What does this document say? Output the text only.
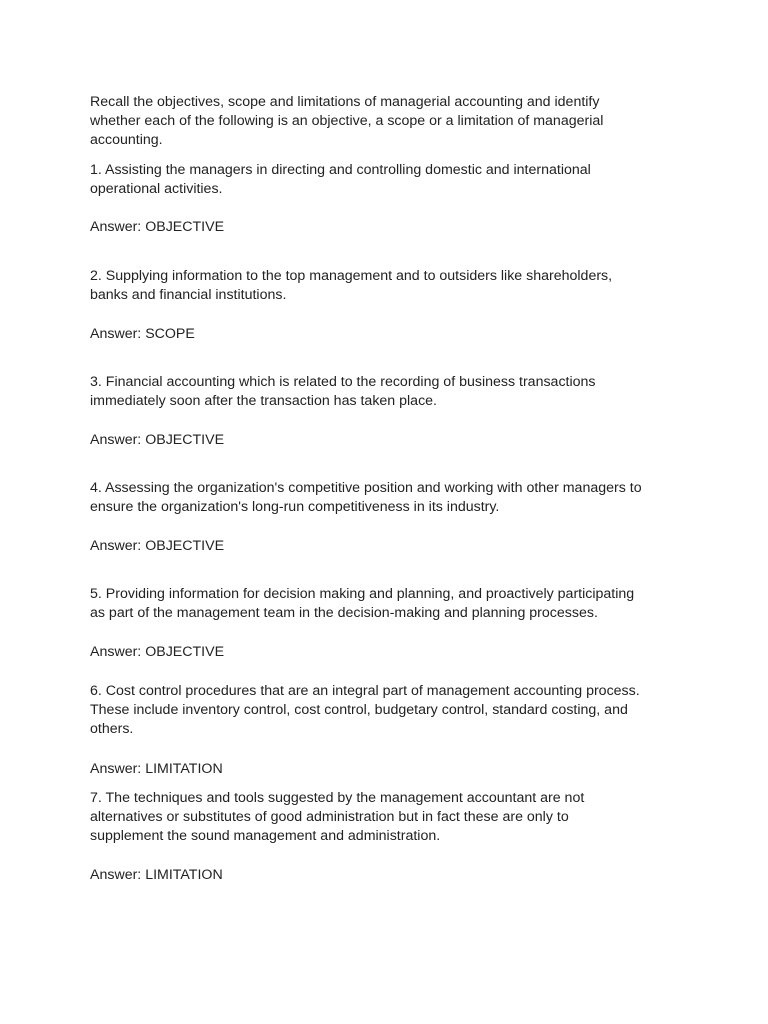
Recall the objectives, scope and limitations of managerial accounting and identify
whether each of the following is an objective, a scope or a limitation of managerial
accounting.

1. Assisting the managers in directing and controlling domestic and international
operational activities.

Answer: OBJECTIVE

2. Supplying information to the top management and to outsiders like shareholders,
banks and financial institutions.

Answer: SCOPE

3. Financial accounting which is related to the recording of business transactions
immediately soon after the transaction has taken place.

Answer: OBJECTIVE

4. Assessing the organization's competitive position and working with other managers to
ensure the organization's long-run competitiveness in its industry.

Answer: OBJECTIVE

5. Providing information for decision making and planning, and proactively participating
as part of the management team in the decision-making and planning processes.

Answer: OBJECTIVE

6. Cost control procedures that are an integral part of management accounting process.
These include inventory control, cost control, budgetary control, standard costing, and
others.

Answer: LIMITATION

7. The techniques and tools suggested by the management accountant are not
alternatives or substitutes of good administration but in fact these are only to
supplement the sound management and administration.

Answer: LIMITATION
